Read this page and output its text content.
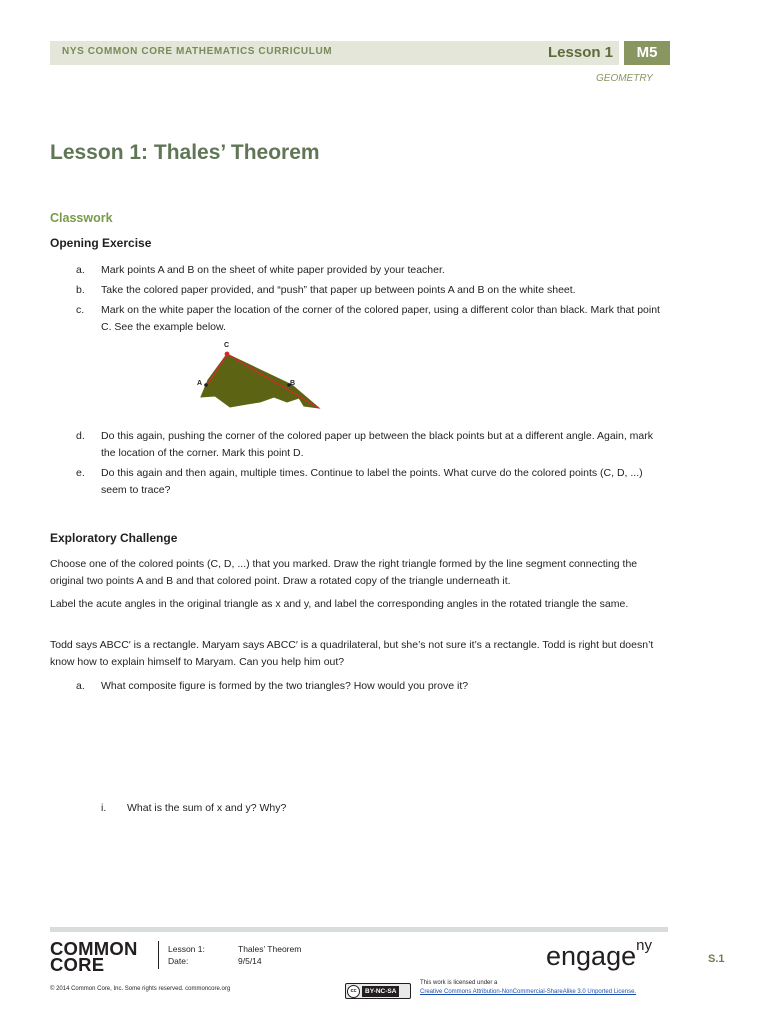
NYS COMMON CORE MATHEMATICS CURRICULUM	Lesson 1	M5
GEOMETRY
Lesson 1: Thales’ Theorem
Classwork
Opening Exercise
a. Mark points A and B on the sheet of white paper provided by your teacher.
b. Take the colored paper provided, and “push” that paper up between points A and B on the white sheet.
c. Mark on the white paper the location of the corner of the colored paper, using a different color than black. Mark that point C. See the example below.
C
A	B
d. Do this again, pushing the corner of the colored paper up between the black points but at a different angle. Again, mark the location of the corner. Mark this point D.
e. Do this again and then again, multiple times. Continue to label the points. What curve do the colored points (C, D, ...) seem to trace?
Exploratory Challenge
Choose one of the colored points (C, D, ...) that you marked. Draw the right triangle formed by the line segment connecting the original two points A and B and that colored point. Draw a rotated copy of the triangle underneath it.
Label the acute angles in the original triangle as x and y, and label the corresponding angles in the rotated triangle the same.
Todd says ABCC′ is a rectangle. Maryam says ABCC′ is a quadrilateral, but she’s not sure it’s a rectangle. Todd is right but doesn’t know how to explain himself to Maryam. Can you help him out?
a. What composite figure is formed by the two triangles? How would you prove it?
i. What is the sum of x and y? Why?
COMMON
CORE
Lesson 1:	Thales’ Theorem
Date:	9/5/14	engage$^{ny}$
S.1
© 2014 Common Core, Inc. Some rights reserved. commoncore.org	cc	BY-NC-SA
This work is licensed under a
Creative Commons Attribution-NonCommercial-ShareAlike 3.0 Unported License.
